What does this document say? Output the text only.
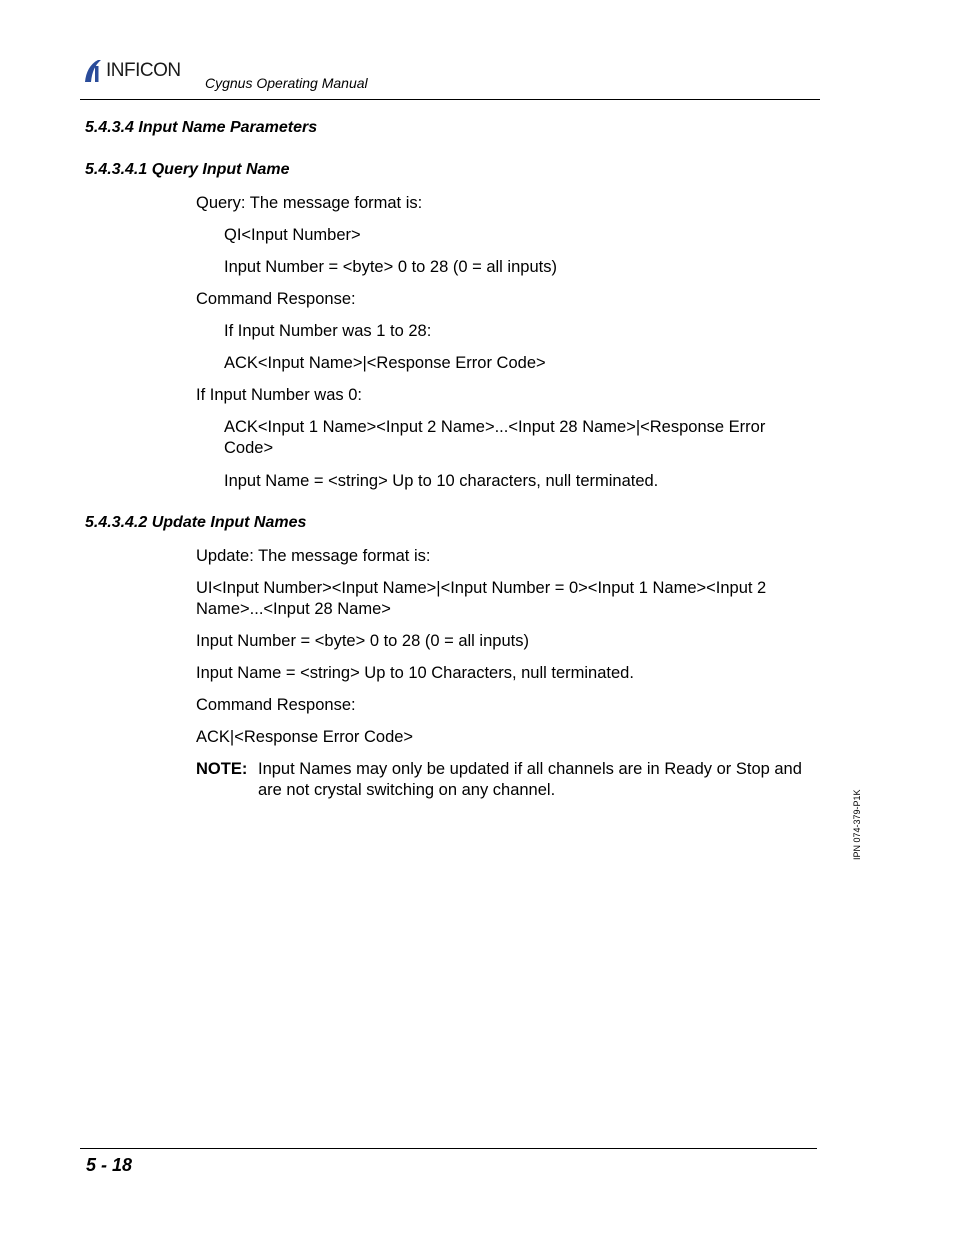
INFICON
Cygnus Operating Manual
5.4.3.4 Input Name Parameters
5.4.3.4.1 Query Input Name
Query: The message format is:
QI<Input Number>
Input Number = <byte> 0 to 28 (0 = all inputs)
Command Response:
If Input Number was 1 to 28:
ACK<Input Name>|<Response Error Code>
If Input Number was 0:
ACK<Input 1 Name><Input 2 Name>...<Input 28 Name>|<Response Error Code>
Input Name = <string> Up to 10 characters, null terminated.
5.4.3.4.2 Update Input Names
Update: The message format is:
UI<Input Number><Input Name>|<Input Number = 0><Input 1 Name><Input 2 Name>...<Input 28 Name>
Input Number = <byte> 0 to 28 (0 = all inputs)
Input Name = <string> Up to 10 Characters, null terminated.
Command Response:
ACK|<Response Error Code>
NOTE: Input Names may only be updated if all channels are in Ready or Stop and are not crystal switching on any channel.	IPN 074-379-P1K
5 - 18
